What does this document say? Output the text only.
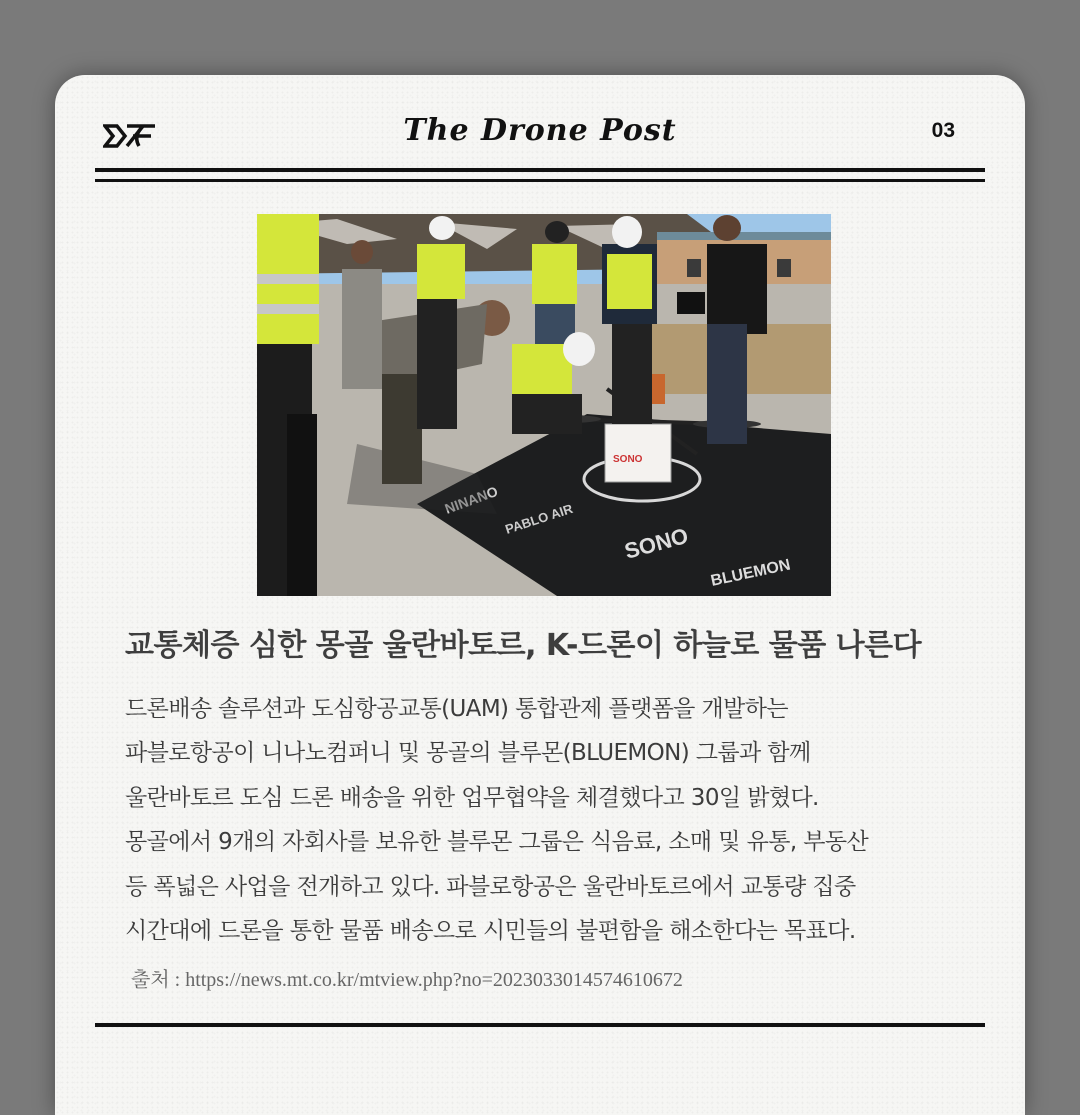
The Drone Post	03
PABLO AIR
NINANO
SONO
BLUEMON
SONO
교통체증 심한 몽골 울란바토르, K-드론이 하늘로 물품 나른다
드론배송 솔루션과 도심항공교통(UAM) 통합관제 플랫폼을 개발하는
파블로항공이 니나노컴퍼니 및 몽골의 블루몬(BLUEMON) 그룹과 함께
울란바토르 도심 드론 배송을 위한 업무협약을 체결했다고 30일 밝혔다.
몽골에서 9개의 자회사를 보유한 블루몬 그룹은 식음료, 소매 및 유통, 부동산
등 폭넓은 사업을 전개하고 있다. 파블로항공은 울란바토르에서 교통량 집중
시간대에 드론을 통한 물품 배송으로 시민들의 불편함을 해소한다는 목표다.
출처 : https://news.mt.co.kr/mtview.php?no=2023033014574610672
